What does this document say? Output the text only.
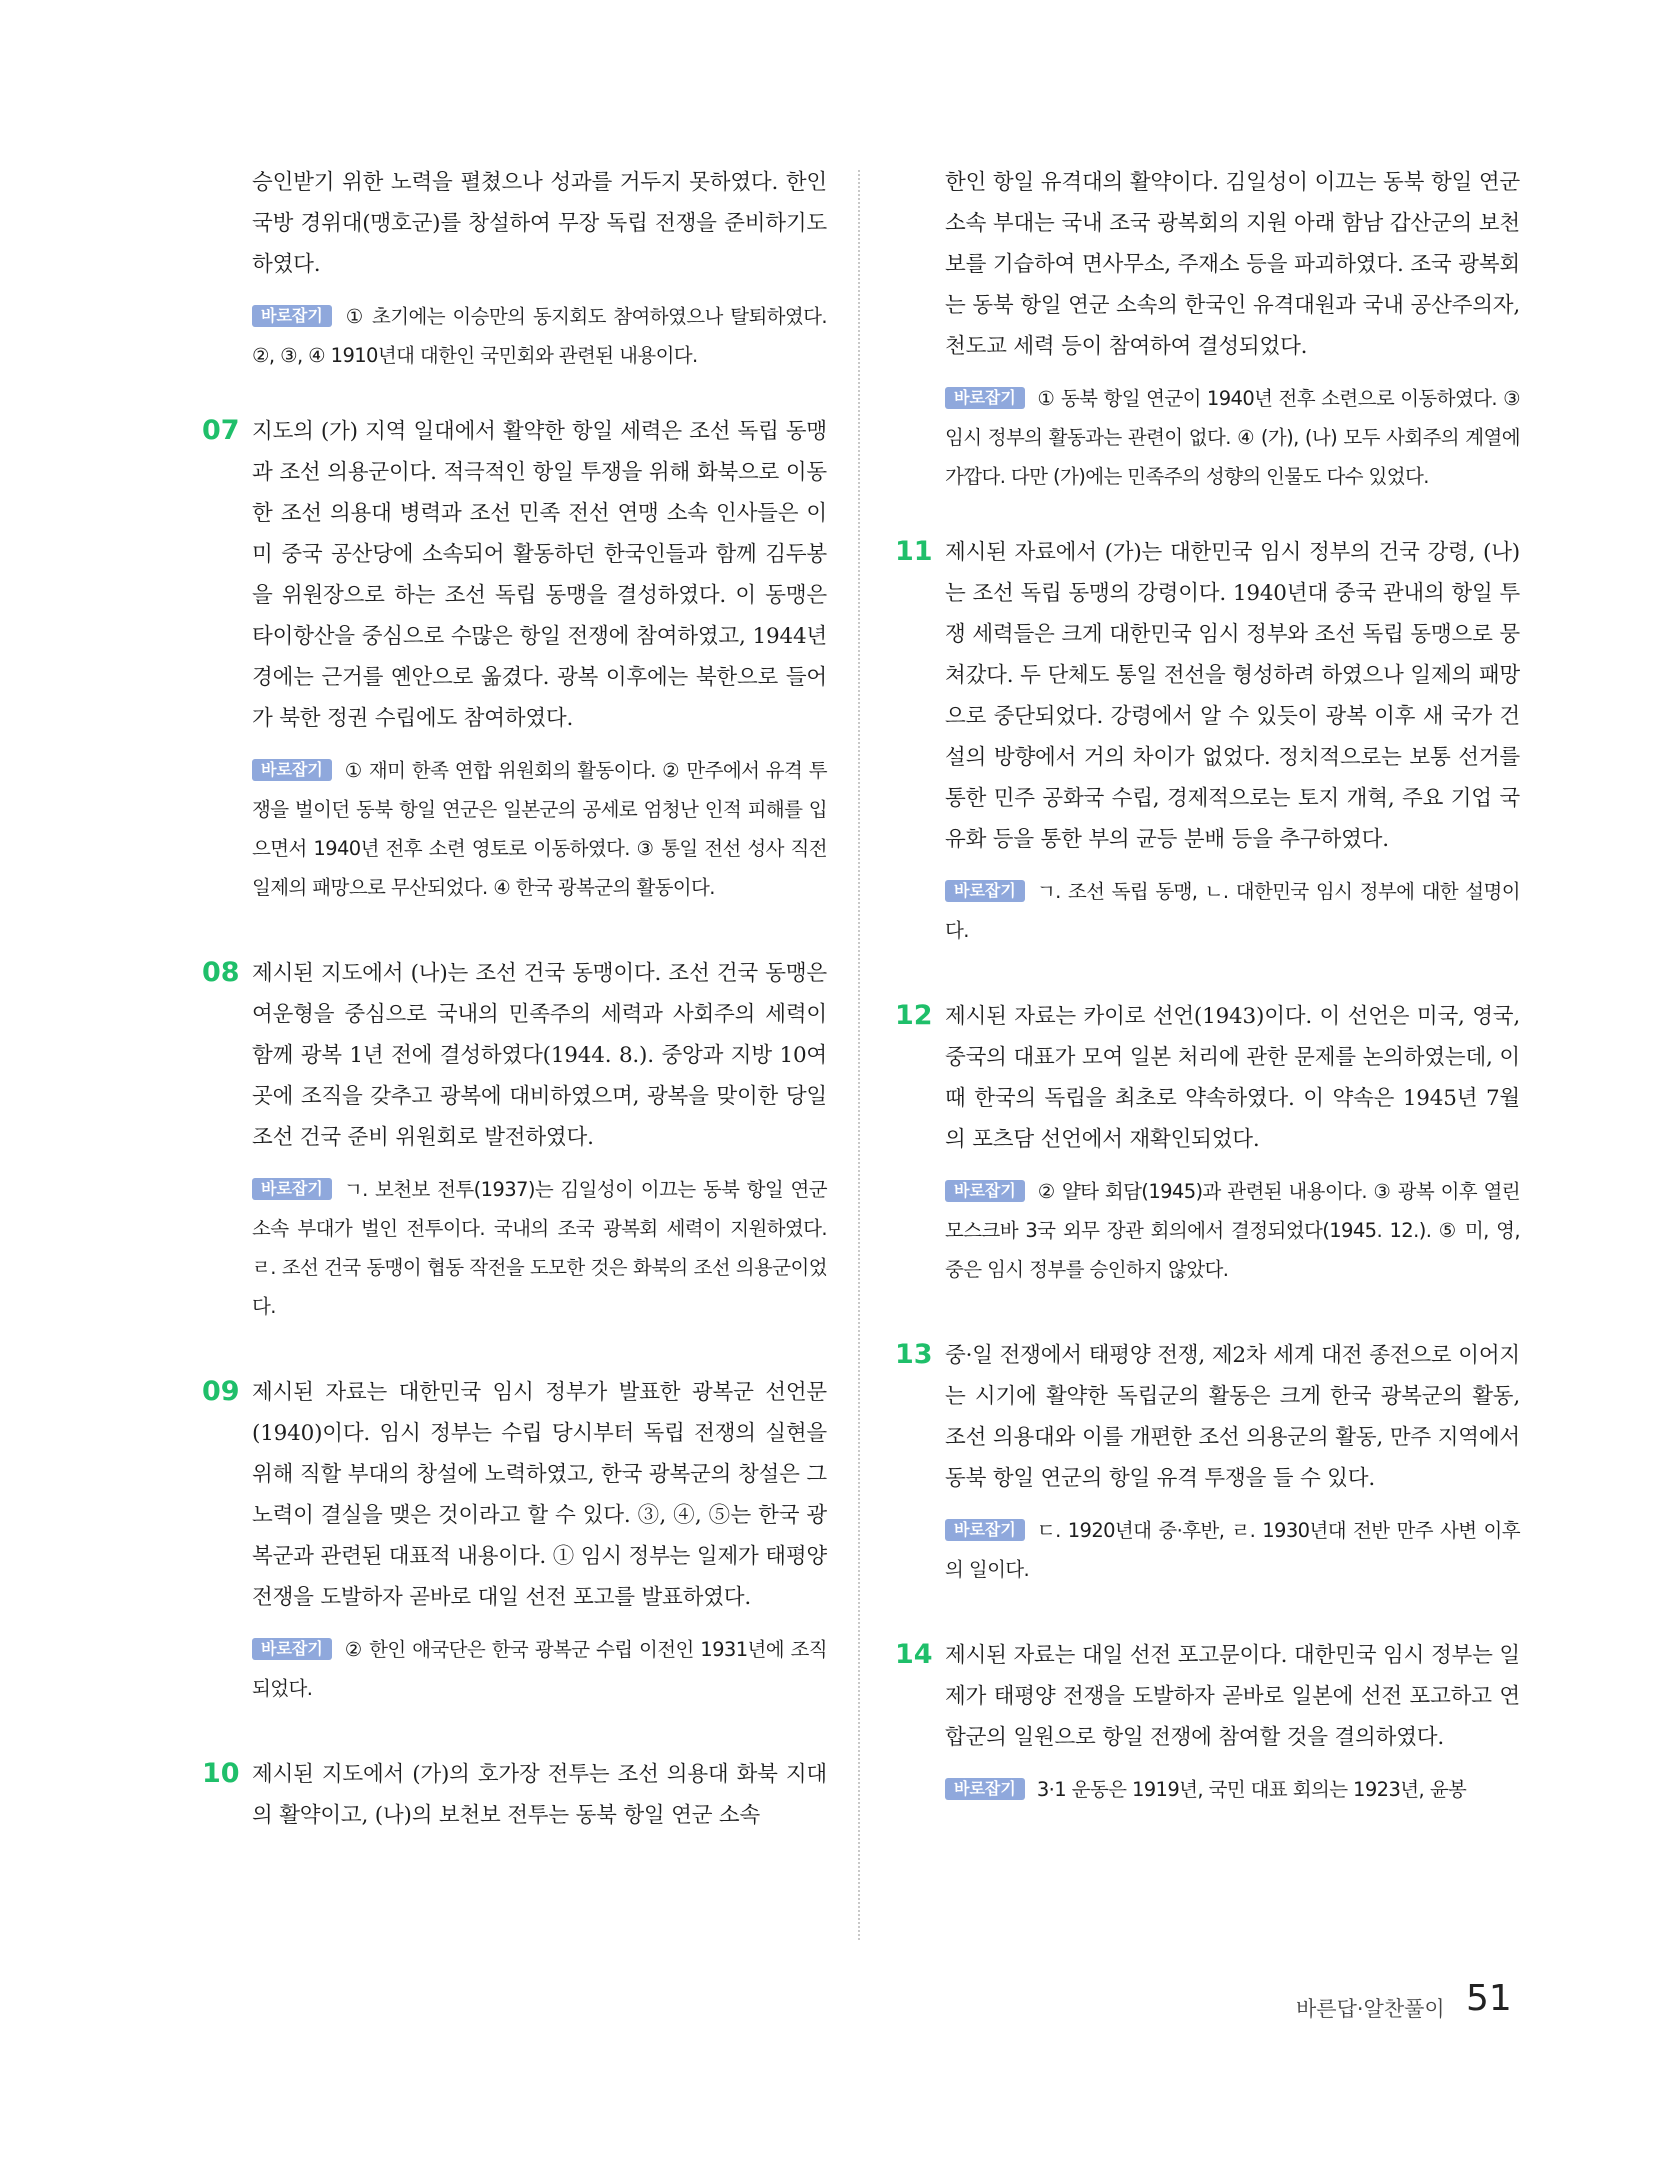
승인받기 위한 노력을 펼쳤으나 성과를 거두지 못하였다. 한인 국방 경위대(맹호군)를 창설하여 무장 독립 전쟁을 준비하기도 하였다.

바로잡기 ① 초기에는 이승만의 동지회도 참여하였으나 탈퇴하였다. ②, ③, ④ 1910년대 대한인 국민회와 관련된 내용이다.
07 지도의 (가) 지역 일대에서 활약한 항일 세력은 조선 독립 동맹과 조선 의용군이다. 적극적인 항일 투쟁을 위해 화북으로 이동한 조선 의용대 병력과 조선 민족 전선 연맹 소속 인사들은 이미 중국 공산당에 소속되어 활동하던 한국인들과 함께 김두봉을 위원장으로 하는 조선 독립 동맹을 결성하였다. 이 동맹은 타이항산을 중심으로 수많은 항일 전쟁에 참여하였고, 1944년경에는 근거를 옌안으로 옮겼다. 광복 이후에는 북한으로 들어가 북한 정권 수립에도 참여하였다.

바로잡기 ① 재미 한족 연합 위원회의 활동이다. ② 만주에서 유격 투쟁을 벌이던 동북 항일 연군은 일본군의 공세로 엄청난 인적 피해를 입으면서 1940년 전후 소련 영토로 이동하였다. ③ 통일 전선 성사 직전 일제의 패망으로 무산되었다. ④ 한국 광복군의 활동이다.
08 제시된 지도에서 (나)는 조선 건국 동맹이다. 조선 건국 동맹은 여운형을 중심으로 국내의 민족주의 세력과 사회주의 세력이 함께 광복 1년 전에 결성하였다(1944. 8.). 중앙과 지방 10여 곳에 조직을 갖추고 광복에 대비하였으며, 광복을 맞이한 당일 조선 건국 준비 위원회로 발전하였다.

바로잡기 ㄱ. 보천보 전투(1937)는 김일성이 이끄는 동북 항일 연군 소속 부대가 벌인 전투이다. 국내의 조국 광복회 세력이 지원하였다. ㄹ. 조선 건국 동맹이 협동 작전을 도모한 것은 화북의 조선 의용군이었다.
09 제시된 자료는 대한민국 임시 정부가 발표한 광복군 선언문(1940)이다. 임시 정부는 수립 당시부터 독립 전쟁의 실현을 위해 직할 부대의 창설에 노력하였고, 한국 광복군의 창설은 그 노력이 결실을 맺은 것이라고 할 수 있다. ③, ④, ⑤는 한국 광복군과 관련된 대표적 내용이다. ① 임시 정부는 일제가 태평양 전쟁을 도발하자 곧바로 대일 선전 포고를 발표하였다.

바로잡기 ② 한인 애국단은 한국 광복군 수립 이전인 1931년에 조직되었다.
10 제시된 지도에서 (가)의 호가장 전투는 조선 의용대 화북 지대의 활약이고, (나)의 보천보 전투는 동북 항일 연군 소속

한인 항일 유격대의 활약이다. 김일성이 이끄는 동북 항일 연군 소속 부대는 국내 조국 광복회의 지원 아래 함남 갑산군의 보천보를 기습하여 면사무소, 주재소 등을 파괴하였다. 조국 광복회는 동북 항일 연군 소속의 한국인 유격대원과 국내 공산주의자, 천도교 세력 등이 참여하여 결성되었다.

바로잡기 ① 동북 항일 연군이 1940년 전후 소련으로 이동하였다. ③ 임시 정부의 활동과는 관련이 없다. ④ (가), (나) 모두 사회주의 계열에 가깝다. 다만 (가)에는 민족주의 성향의 인물도 다수 있었다.
11 제시된 자료에서 (가)는 대한민국 임시 정부의 건국 강령, (나)는 조선 독립 동맹의 강령이다. 1940년대 중국 관내의 항일 투쟁 세력들은 크게 대한민국 임시 정부와 조선 독립 동맹으로 뭉쳐갔다. 두 단체도 통일 전선을 형성하려 하였으나 일제의 패망으로 중단되었다. 강령에서 알 수 있듯이 광복 이후 새 국가 건설의 방향에서 거의 차이가 없었다. 정치적으로는 보통 선거를 통한 민주 공화국 수립, 경제적으로는 토지 개혁, 주요 기업 국유화 등을 통한 부의 균등 분배 등을 추구하였다.

바로잡기 ㄱ. 조선 독립 동맹, ㄴ. 대한민국 임시 정부에 대한 설명이다.
12 제시된 자료는 카이로 선언(1943)이다. 이 선언은 미국, 영국, 중국의 대표가 모여 일본 처리에 관한 문제를 논의하였는데, 이때 한국의 독립을 최초로 약속하였다. 이 약속은 1945년 7월의 포츠담 선언에서 재확인되었다.

바로잡기 ② 얄타 회담(1945)과 관련된 내용이다. ③ 광복 이후 열린 모스크바 3국 외무 장관 회의에서 결정되었다(1945. 12.). ⑤ 미, 영, 중은 임시 정부를 승인하지 않았다.
13 중·일 전쟁에서 태평양 전쟁, 제2차 세계 대전 종전으로 이어지는 시기에 활약한 독립군의 활동은 크게 한국 광복군의 활동, 조선 의용대와 이를 개편한 조선 의용군의 활동, 만주 지역에서 동북 항일 연군의 항일 유격 투쟁을 들 수 있다.

바로잡기 ㄷ. 1920년대 중·후반, ㄹ. 1930년대 전반 만주 사변 이후의 일이다.
14 제시된 자료는 대일 선전 포고문이다. 대한민국 임시 정부는 일제가 태평양 전쟁을 도발하자 곧바로 일본에 선전 포고하고 연합군의 일원으로 항일 전쟁에 참여할 것을 결의하였다.

바로잡기 3·1 운동은 1919년, 국민 대표 회의는 1923년, 윤봉
바른답·알찬풀이 51
